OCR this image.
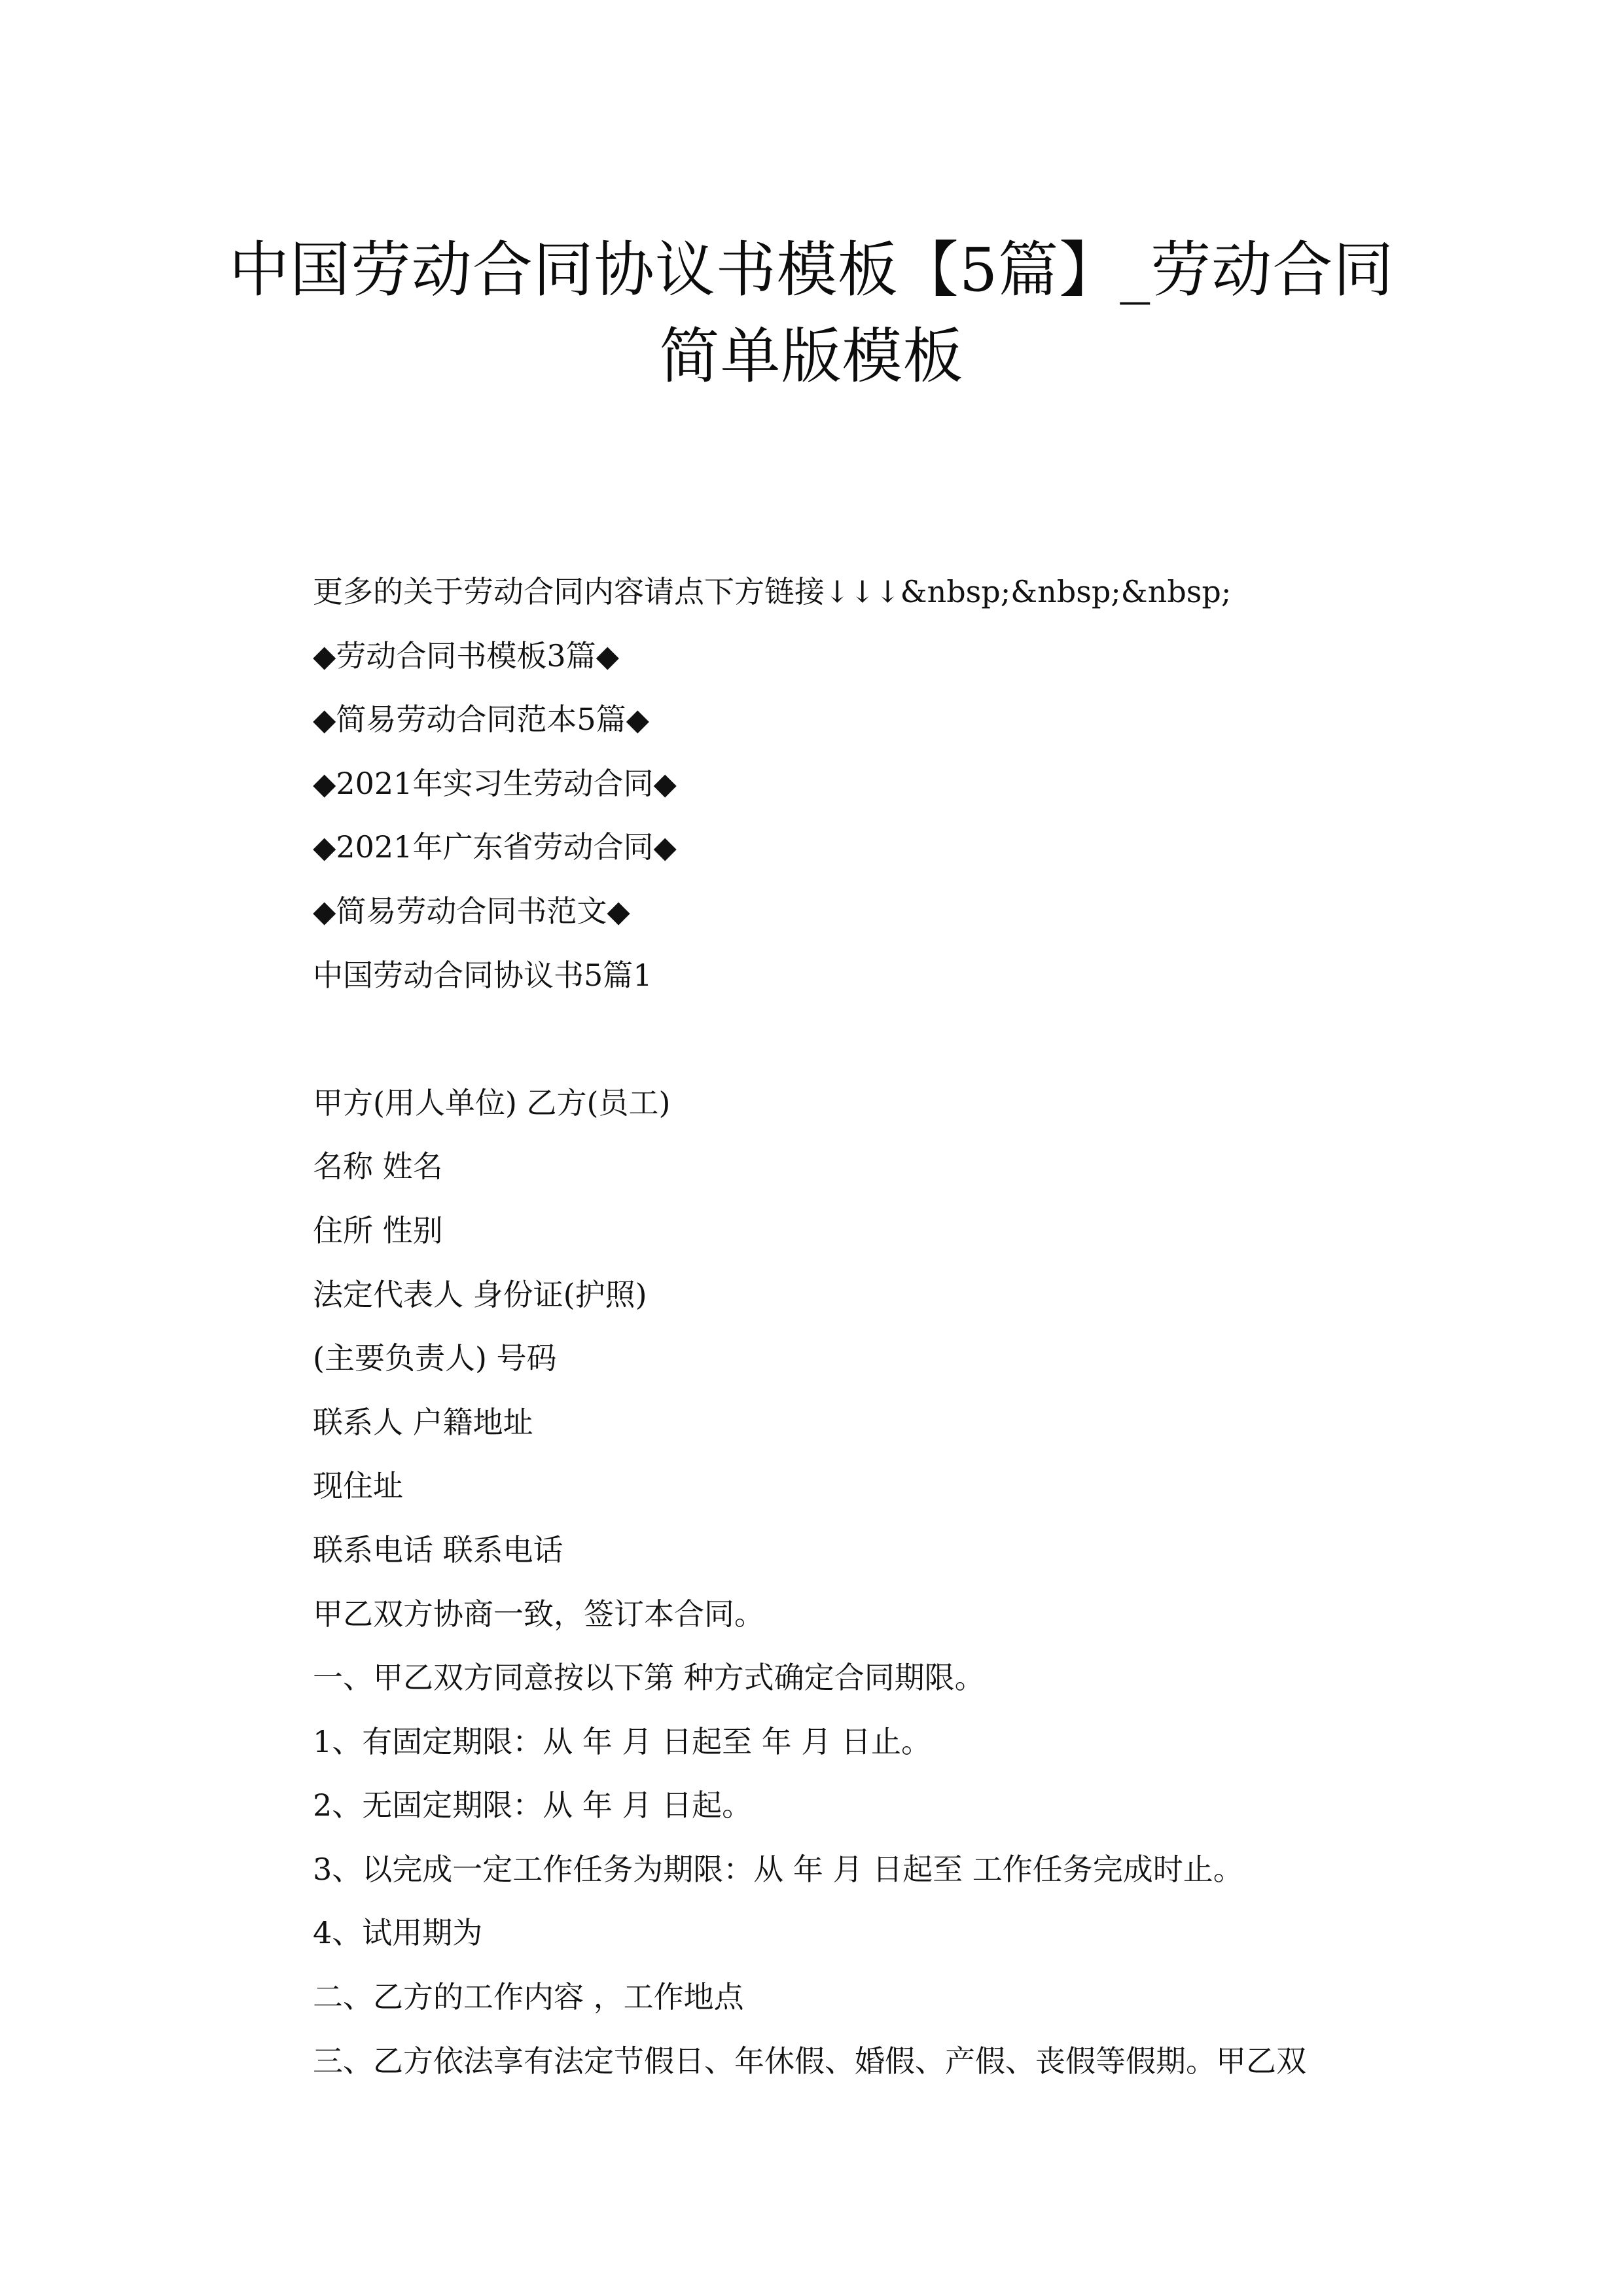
中国劳动合同协议书模板【5篇】_劳动合同
简单版模板
更多的关于劳动合同内容请点下方链接↓↓↓&nbsp;&nbsp;&nbsp;
◆劳动合同书模板3篇◆
◆简易劳动合同范本5篇◆
◆2021年实习生劳动合同◆
◆2021年广东省劳动合同◆
◆简易劳动合同书范文◆
中国劳动合同协议书5篇1
甲方(用人单位) 乙方(员工)
名称 姓名
住所 性别
法定代表人 身份证(护照)
(主要负责人) 号码
联系人 户籍地址
现住址
联系电话 联系电话
甲乙双方协商一致，签订本合同。
一、甲乙双方同意按以下第 种方式确定合同期限。
1、有固定期限：从 年 月 日起至 年 月 日止。
2、无固定期限：从 年 月 日起。
3、以完成一定工作任务为期限：从 年 月 日起至 工作任务完成时止。
4、试用期为
二、乙方的工作内容 ，工作地点
三、乙方依法享有法定节假日、年休假、婚假、产假、丧假等假期。甲乙双
